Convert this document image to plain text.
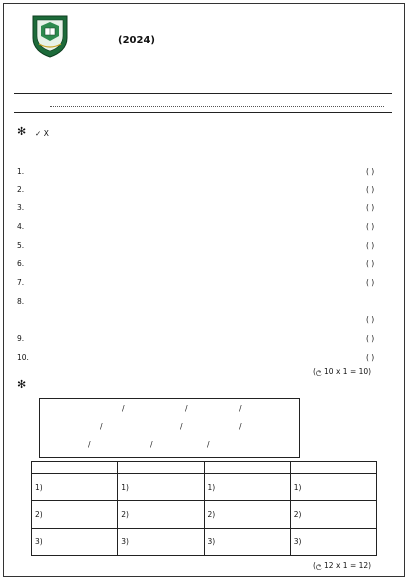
(2024)
✻ ✓ X

1.	( )
2.	( )
3.	( )
4.	( )
5.	( )
6.	( )
7.	( )
8.
( )
9.	( )
10.	( )
(ල 10 x 1 = 10)
✻
/	/	/
/	/	/
/	/	/

1)	1)	1)	1)
2)	2)	2)	2)
3)	3)	3)	3)
(ල 12 x 1 = 12)
